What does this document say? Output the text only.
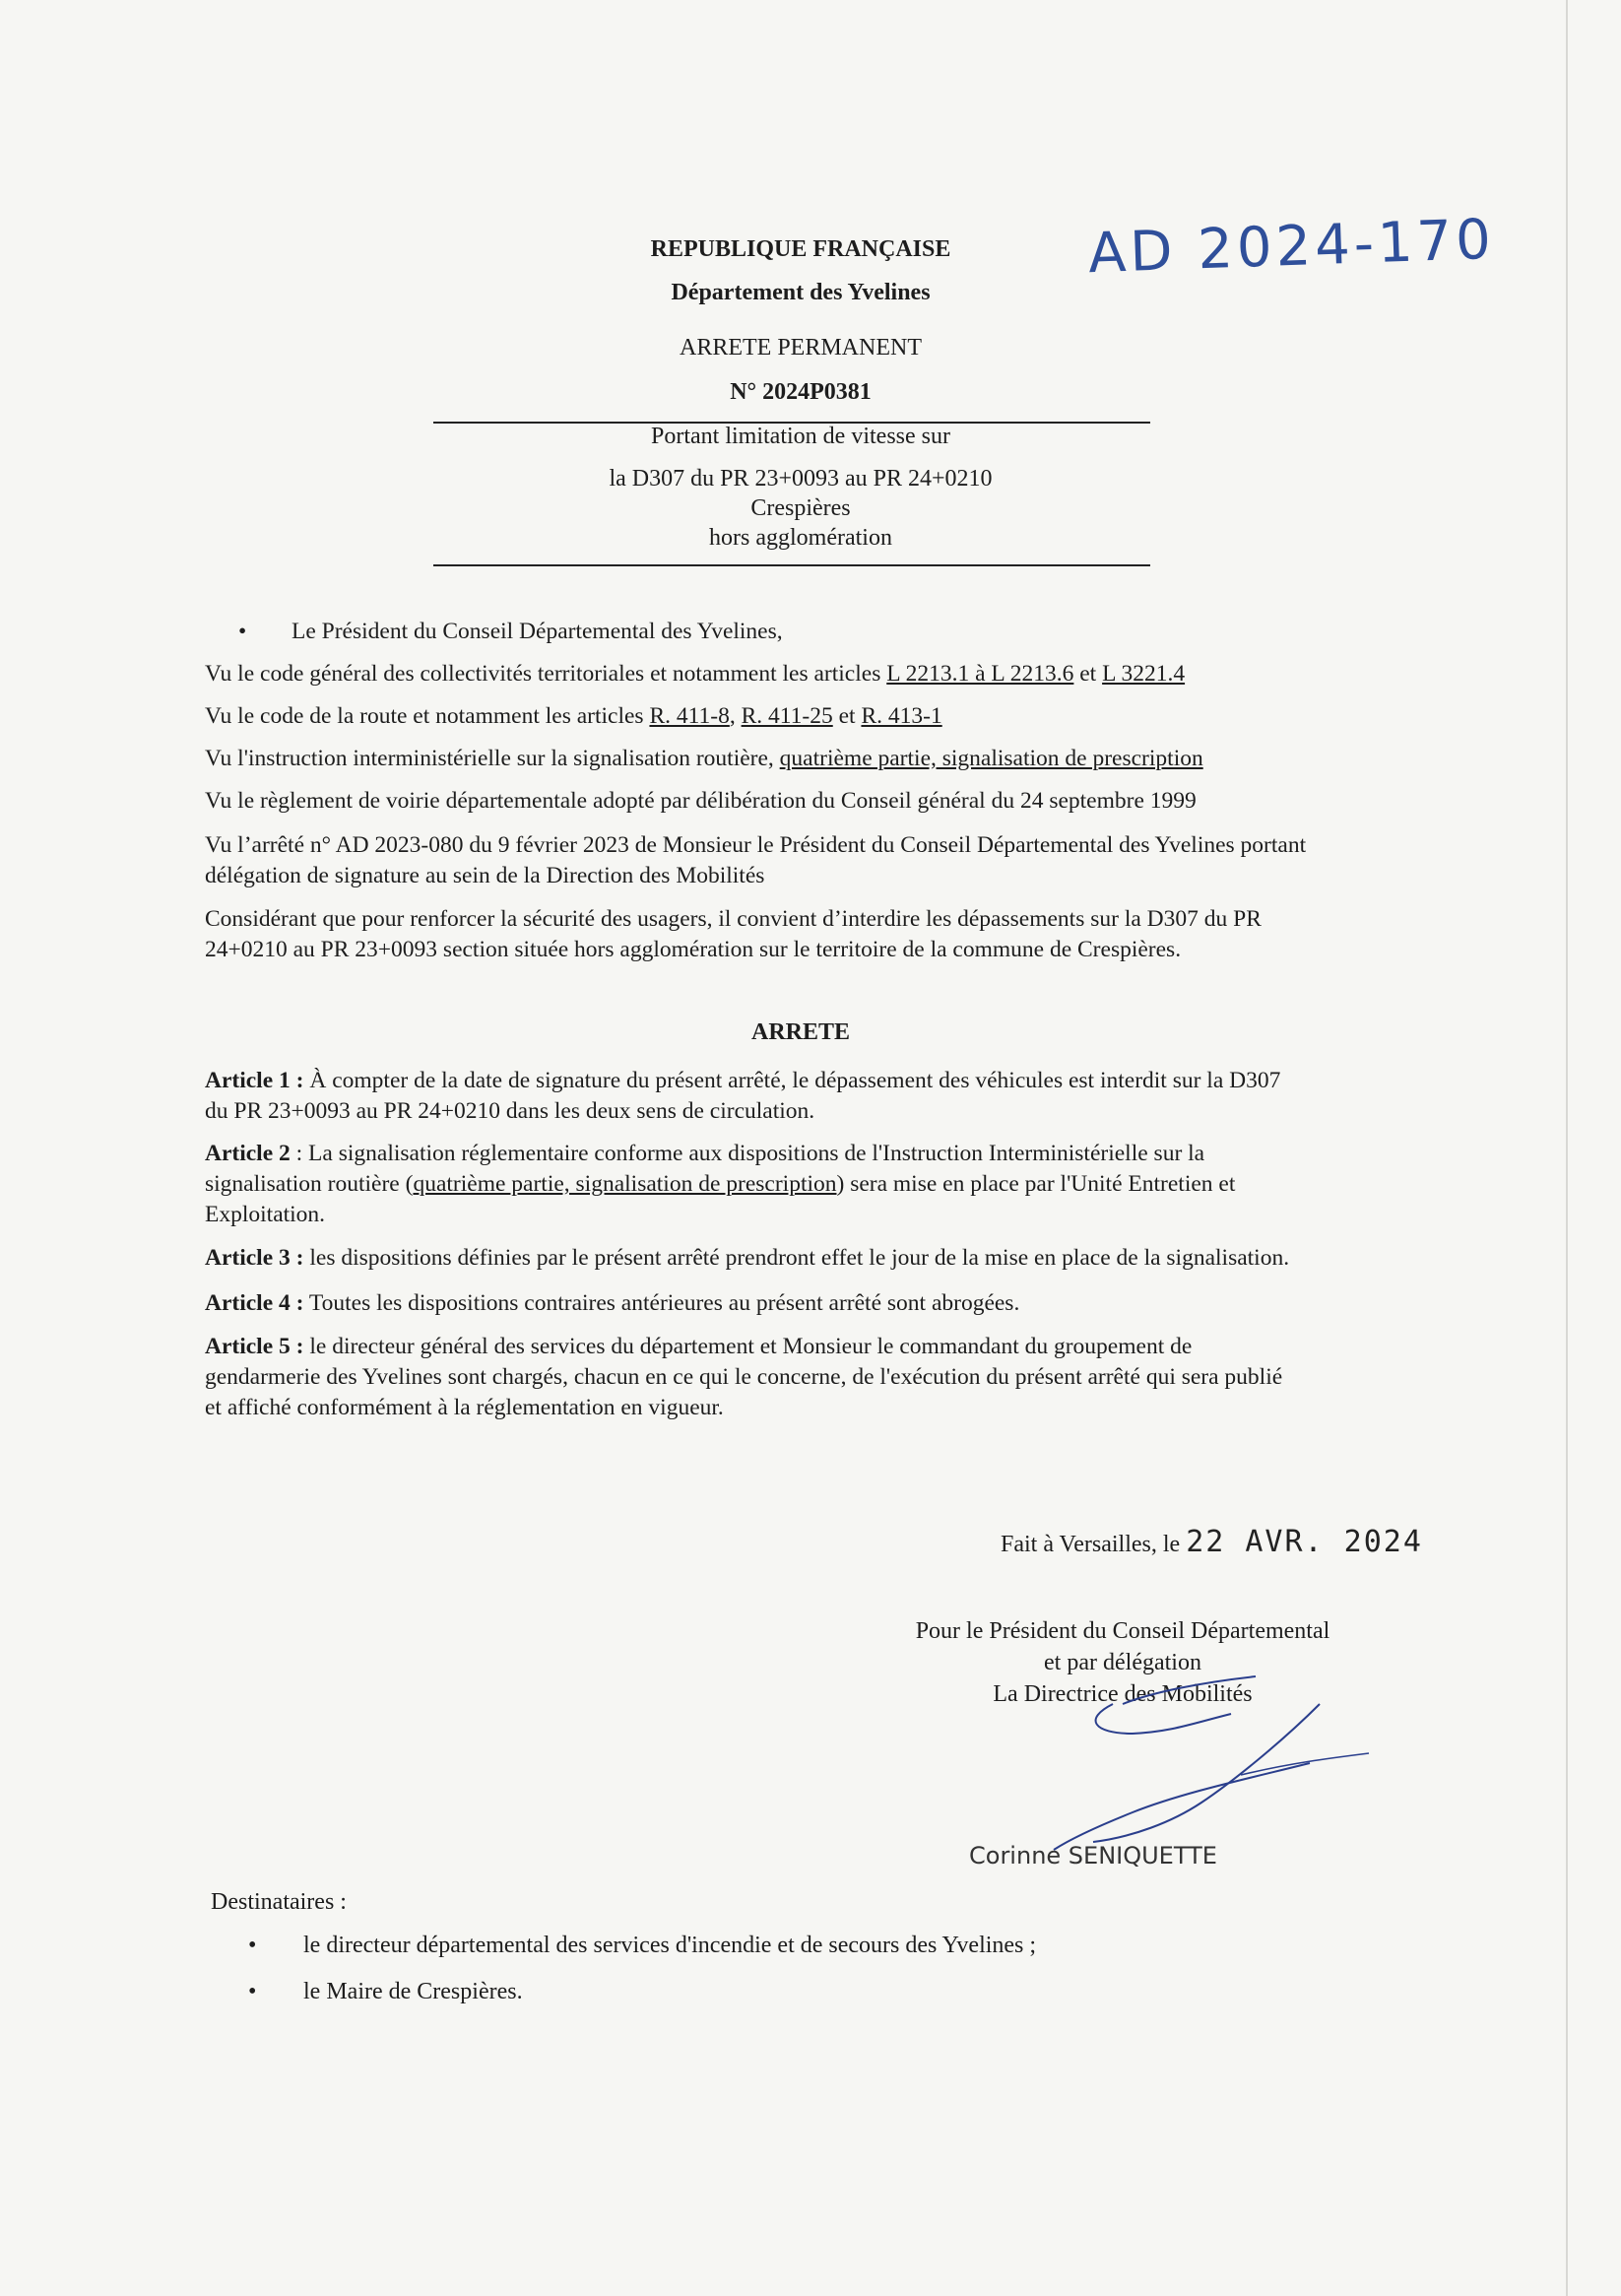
AD 2024-170
REPUBLIQUE FRANÇAISE
Département des Yvelines
ARRETE PERMANENT
N° 2024P0381
Portant limitation de vitesse sur
la D307 du PR 23+0093 au PR 24+0210
Crespières
hors agglomération
• Le Président du Conseil Départemental des Yvelines,
Vu le code général des collectivités territoriales et notamment les articles L 2213.1 à L 2213.6 et L 3221.4
Vu le code de la route et notamment les articles R. 411-8, R. 411-25 et R. 413-1
Vu l'instruction interministérielle sur la signalisation routière, quatrième partie, signalisation de prescription
Vu le règlement de voirie départementale adopté par délibération du Conseil général du 24 septembre 1999
Vu l’arrêté n° AD 2023-080 du 9 février 2023 de Monsieur le Président du Conseil Départemental des Yvelines portant
délégation de signature au sein de la Direction des Mobilités
Considérant que pour renforcer la sécurité des usagers, il convient d’interdire les dépassements sur la D307 du PR
24+0210 au PR 23+0093 section située hors agglomération sur le territoire de la commune de Crespières.
ARRETE
Article 1 : À compter de la date de signature du présent arrêté, le dépassement des véhicules est interdit sur la D307
du PR 23+0093 au PR 24+0210 dans les deux sens de circulation.
Article 2 : La signalisation réglementaire conforme aux dispositions de l'Instruction Interministérielle sur la
signalisation routière (quatrième partie, signalisation de prescription) sera mise en place par l'Unité Entretien et
Exploitation.
Article 3 : les dispositions définies par le présent arrêté prendront effet le jour de la mise en place de la signalisation.
Article 4 : Toutes les dispositions contraires antérieures au présent arrêté sont abrogées.
Article 5 : le directeur général des services du département et Monsieur le commandant du groupement de
gendarmerie des Yvelines sont chargés, chacun en ce qui le concerne, de l'exécution du présent arrêté qui sera publié
et affiché conformément à la réglementation en vigueur.
Fait à Versailles, le 22 AVR. 2024
Pour le Président du Conseil Départemental
et par délégation
La Directrice des Mobilités
Corinne SENIQUETTE
Destinataires :
• le directeur départemental des services d'incendie et de secours des Yvelines ;
• le Maire de Crespières.
